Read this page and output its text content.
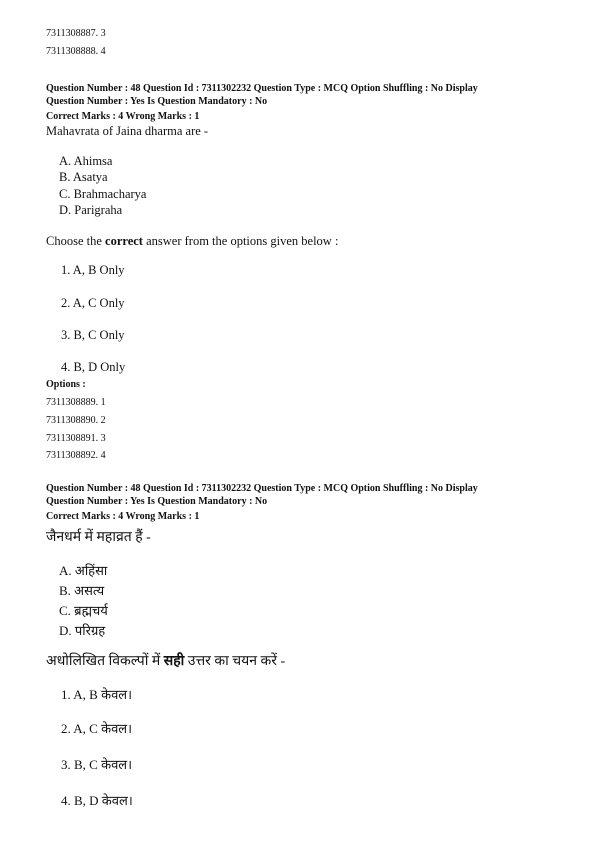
7311308887. 3
7311308888. 4
Question Number : 48 Question Id : 7311302232 Question Type : MCQ Option Shuffling : No Display
Question Number : Yes Is Question Mandatory : No
Correct Marks : 4 Wrong Marks : 1
Mahavrata of Jaina dharma are -
A. Ahimsa
B. Asatya
C. Brahmacharya
D. Parigraha
Choose the correct answer from the options given below :
1. A, B Only
2. A, C Only
3. B, C Only
4. B, D Only
Options :
7311308889. 1
7311308890. 2
7311308891. 3
7311308892. 4
Question Number : 48 Question Id : 7311302232 Question Type : MCQ Option Shuffling : No Display
Question Number : Yes Is Question Mandatory : No
Correct Marks : 4 Wrong Marks : 1
जैनधर्म में महाव्रत हैं -
A. अहिंसा
B. असत्य
C. ब्रह्मचर्य
D. परिग्रह
अधोलिखित विकल्पों में सही उत्तर का चयन करें -
1. A, B केवल।
2. A, C केवल।
3. B, C केवल।
4. B, D केवल।
